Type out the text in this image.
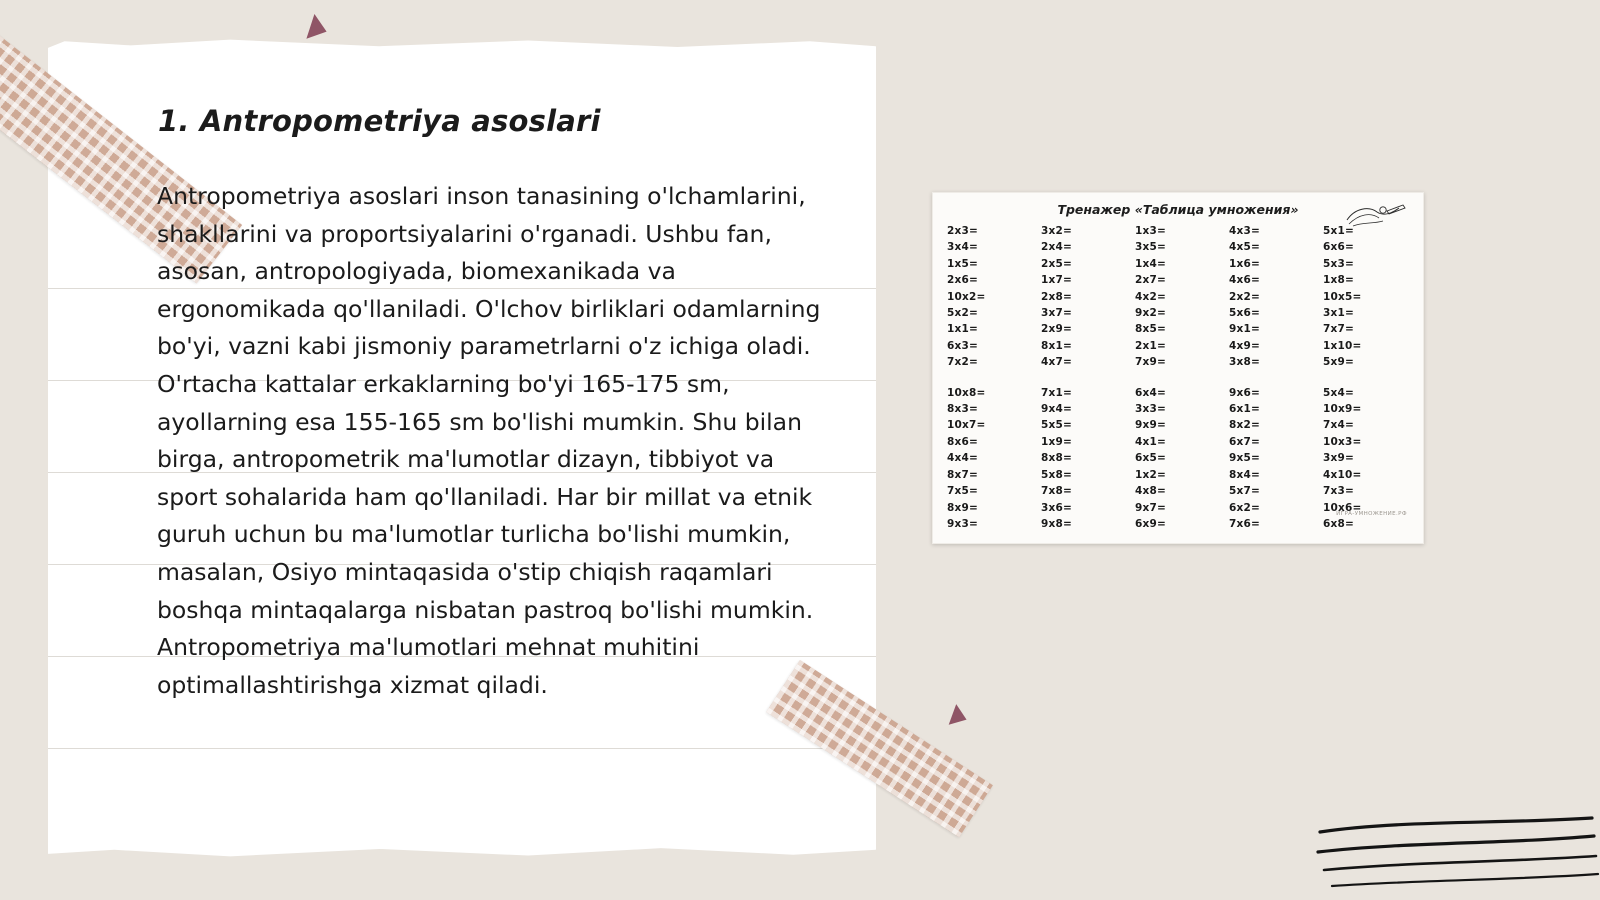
1. Antropometriya asoslari
Antropometriya asoslari inson tanasining o'lchamlarini, shakllarini va proportsiyalarini o'rganadi. Ushbu fan, asosan, antropologiyada, biomexanikada va ergonomikada qo'llaniladi. O'lchov birliklari odamlarning bo'yi, vazni kabi jismoniy parametrlarni o'z ichiga oladi. O'rtacha kattalar erkaklarning bo'yi 165-175 sm, ayollarning esa 155-165 sm bo'lishi mumkin. Shu bilan birga, antropometrik ma'lumotlar dizayn, tibbiyot va sport sohalarida ham qo'llaniladi. Har bir millat va etnik guruh uchun bu ma'lumotlar turlicha bo'lishi mumkin, masalan, Osiyo mintaqasida o'stip chiqish raqamlari boshqa mintaqalarga nisbatan pastroq bo'lishi mumkin. Antropometriya ma'lumotlari mehnat muhitini optimallashtirishga xizmat qiladi.
Тренажер «Таблица умножения»
2x3=
3x4=
1x5=
2x6=
10x2=
5x2=
1x1=
6x3=
7x2=
10x8=
8x3=
10x7=
8x6=
4x4=
8x7=
7x5=
8x9=
9x3=
3x2=
2x4=
2x5=
1x7=
2x8=
3x7=
2x9=
8x1=
4x7=
7x1=
9x4=
5x5=
1x9=
8x8=
5x8=
7x8=
3x6=
9x8=
1x3=
3x5=
1x4=
2x7=
4x2=
9x2=
8x5=
2x1=
7x9=
6x4=
3x3=
9x9=
4x1=
6x5=
1x2=
4x8=
9x7=
6x9=
4x3=
4x5=
1x6=
4x6=
2x2=
5x6=
9x1=
4x9=
3x8=
9x6=
6x1=
8x2=
6x7=
9x5=
8x4=
5x7=
6x2=
7x6=
5x1=
6x6=
5x3=
1x8=
10x5=
3x1=
7x7=
1x10=
5x9=
5x4=
10x9=
7x4=
10x3=
3x9=
4x10=
7x3=
10x6=
6x8=
ИГРА-УМНОЖЕНИЕ.РФ
